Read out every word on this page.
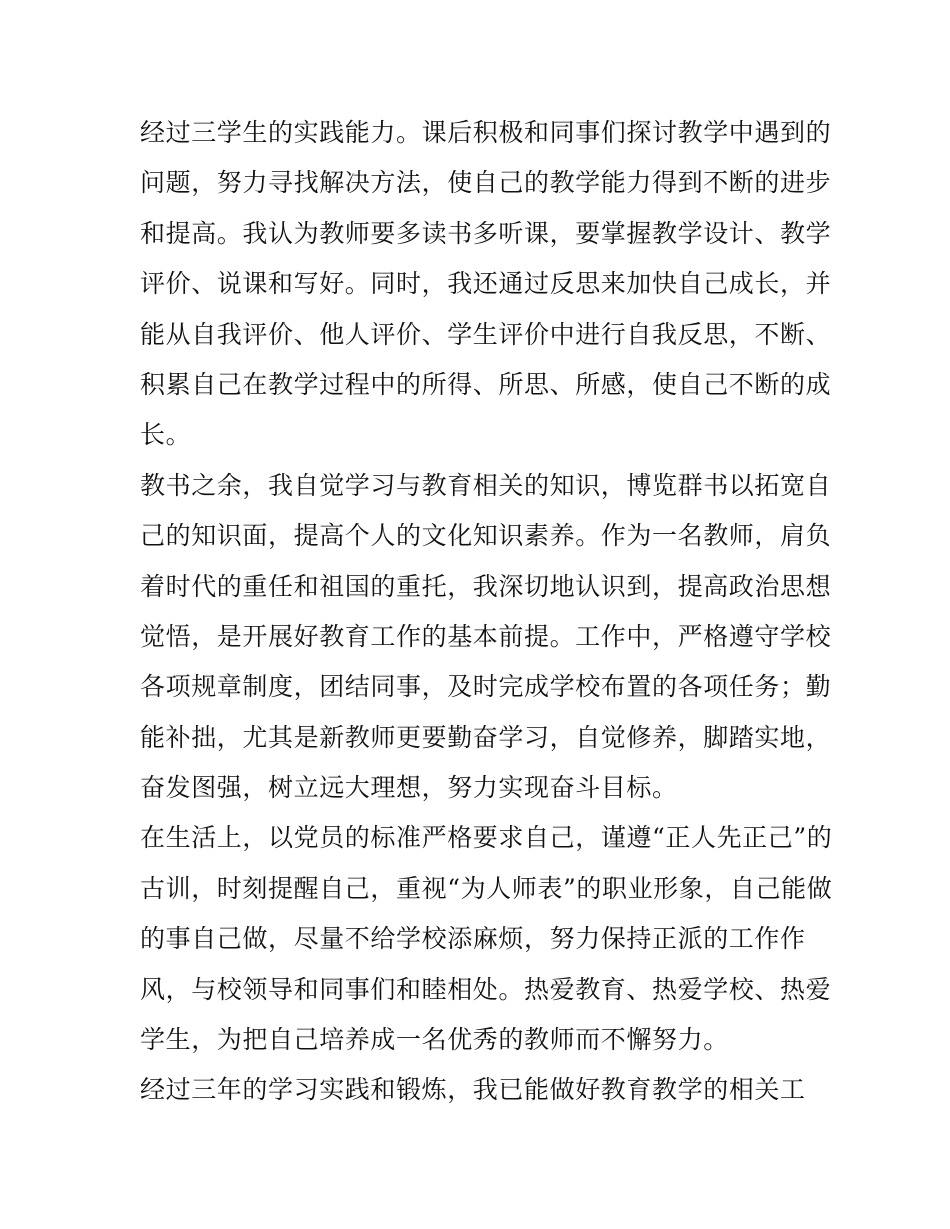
经过三学生的实践能力。课后积极和同事们探讨教学中遇到的
问题，努力寻找解决方法，使自己的教学能力得到不断的进步
和提高。我认为教师要多读书多听课，要掌握教学设计、教学
评价、说课和写好。同时，我还通过反思来加快自己成长，并
能从自我评价、他人评价、学生评价中进行自我反思，不断、
积累自己在教学过程中的所得、所思、所感，使自己不断的成
长。
教书之余，我自觉学习与教育相关的知识，博览群书以拓宽自
己的知识面，提高个人的文化知识素养。作为一名教师，肩负
着时代的重任和祖国的重托，我深切地认识到，提高政治思想
觉悟，是开展好教育工作的基本前提。工作中，严格遵守学校
各项规章制度，团结同事，及时完成学校布置的各项任务；勤
能补拙，尤其是新教师更要勤奋学习，自觉修养，脚踏实地，
奋发图强，树立远大理想，努力实现奋斗目标。
在生活上，以党员的标准严格要求自己，谨遵“正人先正己”的
古训，时刻提醒自己，重视“为人师表”的职业形象，自己能做
的事自己做，尽量不给学校添麻烦，努力保持正派的工作作
风，与校领导和同事们和睦相处。热爱教育、热爱学校、热爱
学生，为把自己培养成一名优秀的教师而不懈努力。
经过三年的学习实践和锻炼，我已能做好教育教学的相关工
